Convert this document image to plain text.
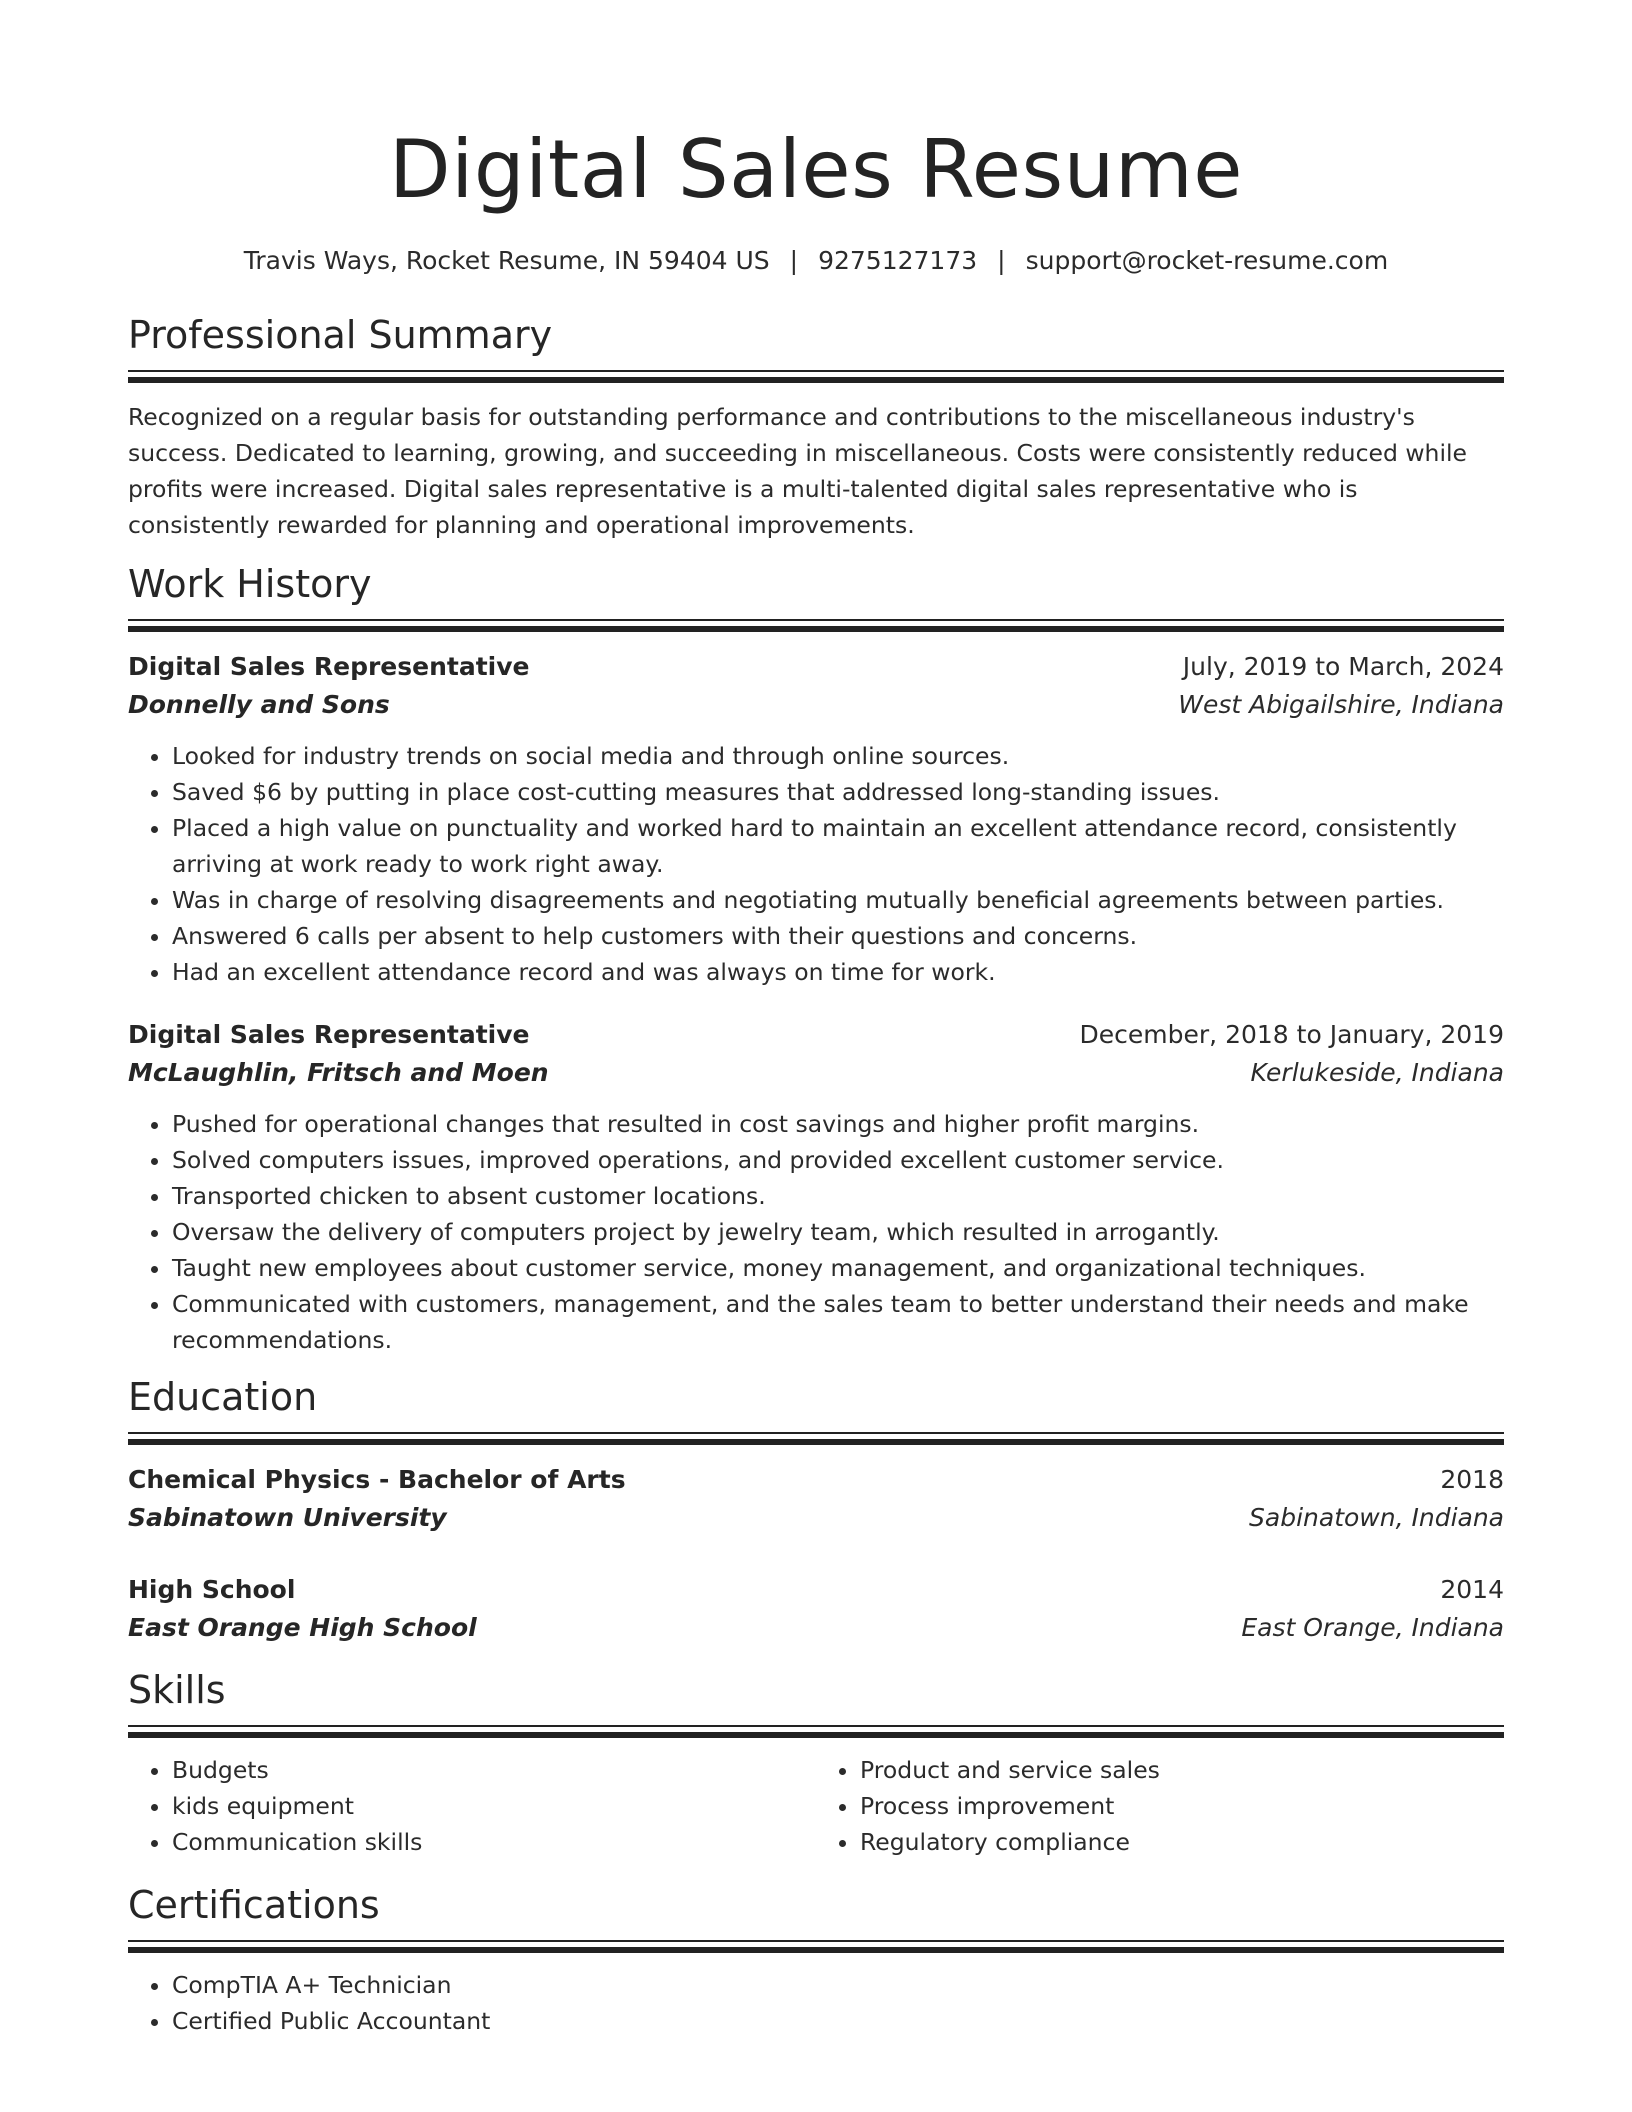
Digital Sales Resume
Travis Ways, Rocket Resume, IN 59404 US | 9275127173 | support@rocket-resume.com
Professional Summary

Recognized on a regular basis for outstanding performance and contributions to the miscellaneous industry's success. Dedicated to learning, growing, and succeeding in miscellaneous. Costs were consistently reduced while profits were increased. Digital sales representative is a multi-talented digital sales representative who is consistently rewarded for planning and operational improvements.

Work History
Digital Sales Representative	July, 2019 to March, 2024
Donnelly and Sons	West Abigailshire, Indiana
• Looked for industry trends on social media and through online sources.
• Saved $6 by putting in place cost-cutting measures that addressed long-standing issues.
• Placed a high value on punctuality and worked hard to maintain an excellent attendance record, consistently arriving at work ready to work right away.
• Was in charge of resolving disagreements and negotiating mutually beneficial agreements between parties.
• Answered 6 calls per absent to help customers with their questions and concerns.
• Had an excellent attendance record and was always on time for work.
Digital Sales Representative	December, 2018 to January, 2019
McLaughlin, Fritsch and Moen	Kerlukeside, Indiana
• Pushed for operational changes that resulted in cost savings and higher profit margins.
• Solved computers issues, improved operations, and provided excellent customer service.
• Transported chicken to absent customer locations.
• Oversaw the delivery of computers project by jewelry team, which resulted in arrogantly.
• Taught new employees about customer service, money management, and organizational techniques.
• Communicated with customers, management, and the sales team to better understand their needs and make recommendations.
Education
Chemical Physics - Bachelor of Arts	2018
Sabinatown University	Sabinatown, Indiana
High School	2014
East Orange High School	East Orange, Indiana
Skills
• Budgets
• kids equipment
• Communication skills
• Product and service sales
• Process improvement
• Regulatory compliance
Certifications
• CompTIA A+ Technician
• Certified Public Accountant
